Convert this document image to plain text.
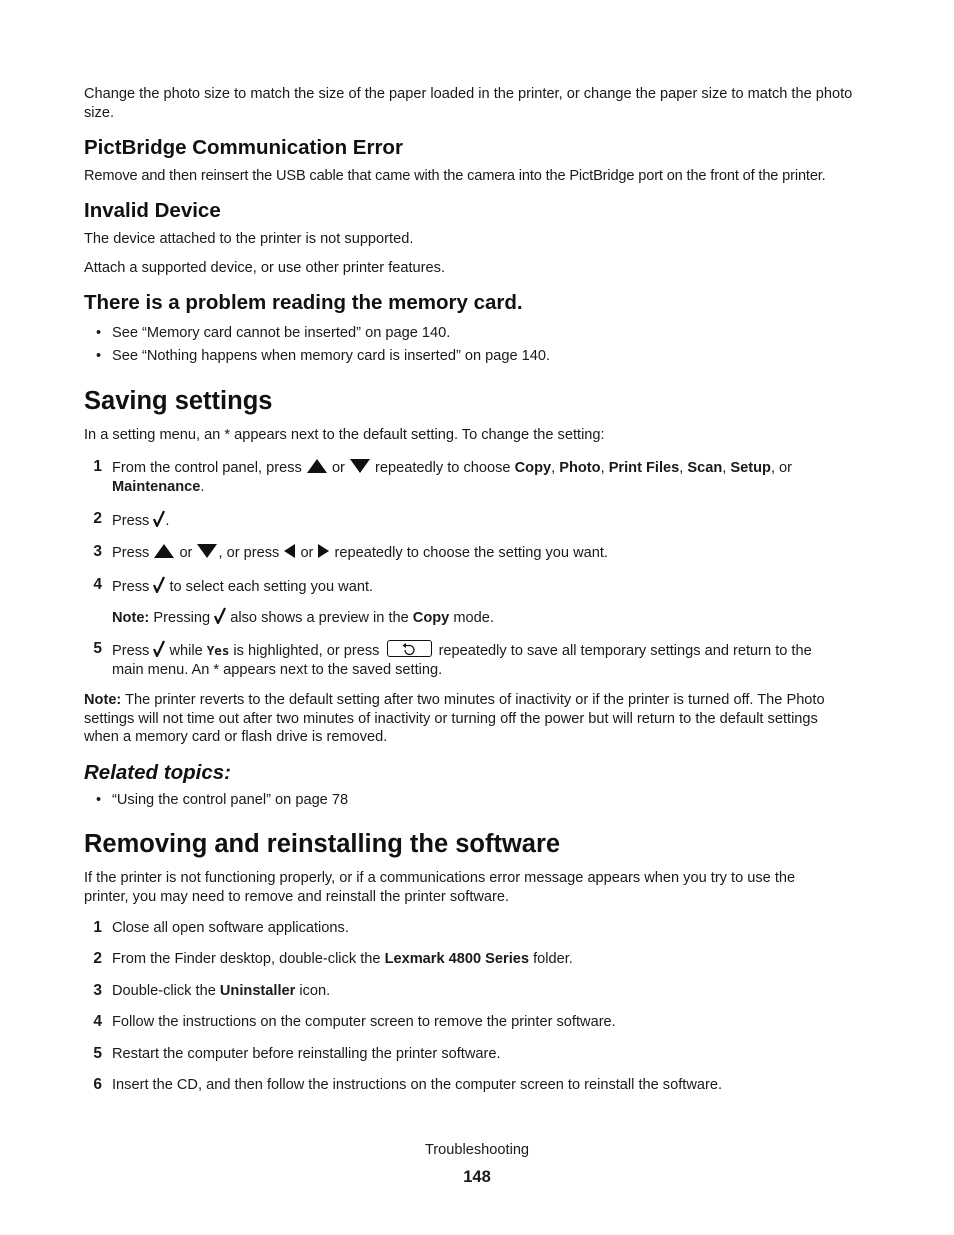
Change the photo size to match the size of the paper loaded in the printer, or change the paper size to match the photo size.

PictBridge Communication Error

Remove and then reinsert the USB cable that came with the camera into the PictBridge port on the front of the printer.

Invalid Device

The device attached to the printer is not supported.

Attach a supported device, or use other printer features.

There is a problem reading the memory card.
• See “Memory card cannot be inserted” on page 140.
• See “Nothing happens when memory card is inserted” on page 140.
Saving settings

In a setting menu, an * appears next to the default setting. To change the setting:

1 From the control panel, press or repeatedly to choose Copy, Photo, Print Files, Scan, Setup, or
Maintenance.
2 Press .
3 Press or , or press or repeatedly to choose the setting you want.
4 Press to select each setting you want.
Note: Pressing also shows a preview in the Copy mode.
5 Press while Yes is highlighted, or press	repeatedly to save all temporary settings and return to the
main menu. An * appears next to the saved setting.
Note: The printer reverts to the default setting after two minutes of inactivity or if the printer is turned off. The Photo
settings will not time out after two minutes of inactivity or turning off the power but will return to the default settings
when a memory card or flash drive is removed.
Related topics:
• “Using the control panel” on page 78
Removing and reinstalling the software
If the printer is not functioning properly, or if a communications error message appears when you try to use the
printer, you may need to remove and reinstall the printer software.
1 Close all open software applications.
2 From the Finder desktop, double-click the Lexmark 4800 Series folder.
3 Double-click the Uninstaller icon.
4 Follow the instructions on the computer screen to remove the printer software.
5 Restart the computer before reinstalling the printer software.
6 Insert the CD, and then follow the instructions on the computer screen to reinstall the software.

Troubleshooting

148
